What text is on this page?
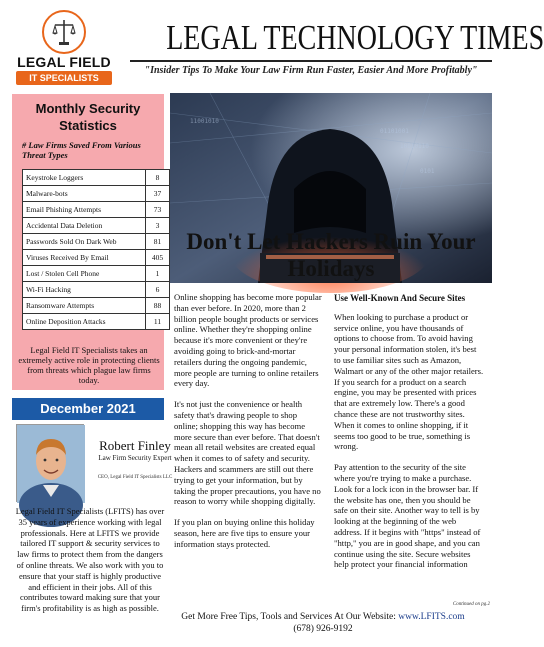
LEGAL FIELD
IT SPECIALISTS
LEGAL TECHNOLOGY TIMES
"Insider Tips To Make Your Law Firm Run Faster, Easier And More Profitably"
Monthly Security Statistics
# Law Firms Saved From Various Threat Types
Keystroke Loggers	8
Malware-bots	37
Email Phishing Attempts	73
Accidental Data Deletion	3
Passwords Sold On Dark Web	81
Viruses Received By Email	405
Lost / Stolen Cell Phone	1
Wi-Fi Hacking	6
Ransomware Attempts	88
Online Deposition Attacks	11
Legal Field IT Specialists takes an extremely active role in protecting clients from threats which plague law firms today.
December 2021
Robert Finley
Law Firm Security Expert
CEO, Legal Field IT Specialists LLC
Legal Field IT Specialists (LFITS) has over 35 years of experience working with legal professionals. Here at LFITS we provide tailored IT support & security services to law firms to protect them from the dangers of online threats. We also work with you to ensure that your staff is highly productive and efficient in their jobs. All of this contributes toward making sure that your firm's profitability is as high as possible.
01101001
10010110
11001010
0101
Don't Let Hackers Ruin Your Holidays

Online shopping has become more popular than ever before. In 2020, more than 2 billion people bought products or services online. Whether they're shopping online because it's more convenient or they're avoiding going to brick-and-mortar retailers during the ongoing pandemic, more people are turning to online retailers every day.

It's not just the convenience or health safety that's drawing people to shop online; shopping this way has become more secure than ever before. That doesn't mean all retail websites are created equal when it comes to of safety and security. Hackers and scammers are still out there trying to get your information, but by taking the proper precautions, you have no reason to worry while shopping digitally.

If you plan on buying online this holiday season, here are five tips to ensure your information stays protected.

Use Well-Known And Secure Sites

When looking to purchase a product or service online, you have thousands of options to choose from. To avoid having your personal information stolen, it's best to use familiar sites such as Amazon, Walmart or any of the other major retailers. If you search for a product on a search engine, you may be presented with prices that are extremely low. There's a good chance these are not trustworthy sites. When it comes to online shopping, if it seems too good to be true, something is wrong.

Pay attention to the security of the site where you're trying to make a purchase. Look for a lock icon in the browser bar. If the website has one, then you should be safe on their site. Another way to tell is by looking at the beginning of the web address. If it begins with "https" instead of "http," you are in good shape, and you can continue using the site. Secure websites help protect your financial information

Continued on pg.2
Get More Free Tips, Tools and Services At Our Website: www.LFITS.com
(678) 926-9192
